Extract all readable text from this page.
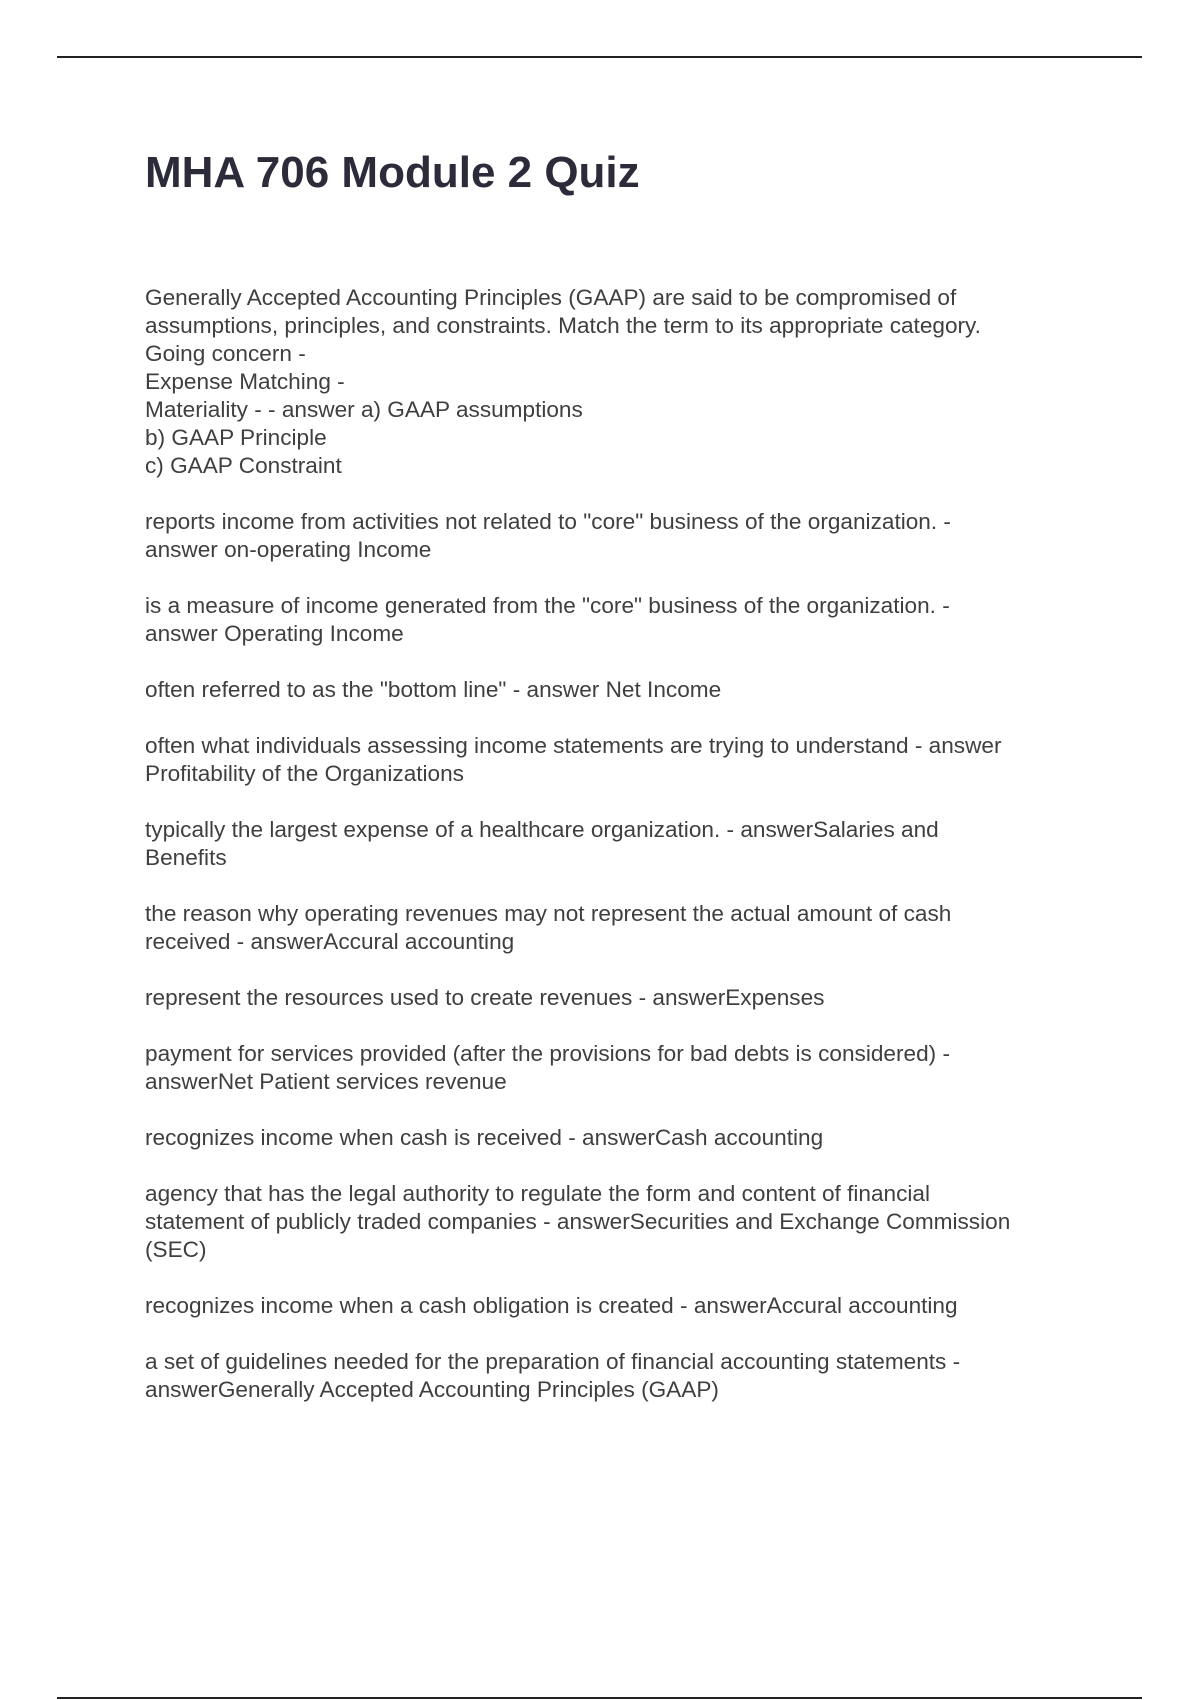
MHA 706 Module 2 Quiz
Generally Accepted Accounting Principles (GAAP) are said to be compromised of
assumptions, principles, and constraints. Match the term to its appropriate category.
Going concern -
Expense Matching -
Materiality - - answer a) GAAP assumptions
b) GAAP Principle
c) GAAP Constraint
reports income from activities not related to "core" business of the organization. -
answer on-operating Income
is a measure of income generated from the "core" business of the organization. -
answer Operating Income
often referred to as the "bottom line" - answer Net Income
often what individuals assessing income statements are trying to understand - answer
Profitability of the Organizations
typically the largest expense of a healthcare organization. - answerSalaries and
Benefits
the reason why operating revenues may not represent the actual amount of cash
received - answerAccural accounting
represent the resources used to create revenues - answerExpenses
payment for services provided (after the provisions for bad debts is considered) -
answerNet Patient services revenue
recognizes income when cash is received - answerCash accounting
agency that has the legal authority to regulate the form and content of financial
statement of publicly traded companies - answerSecurities and Exchange Commission
(SEC)
recognizes income when a cash obligation is created - answerAccural accounting
a set of guidelines needed for the preparation of financial accounting statements -
answerGenerally Accepted Accounting Principles (GAAP)
